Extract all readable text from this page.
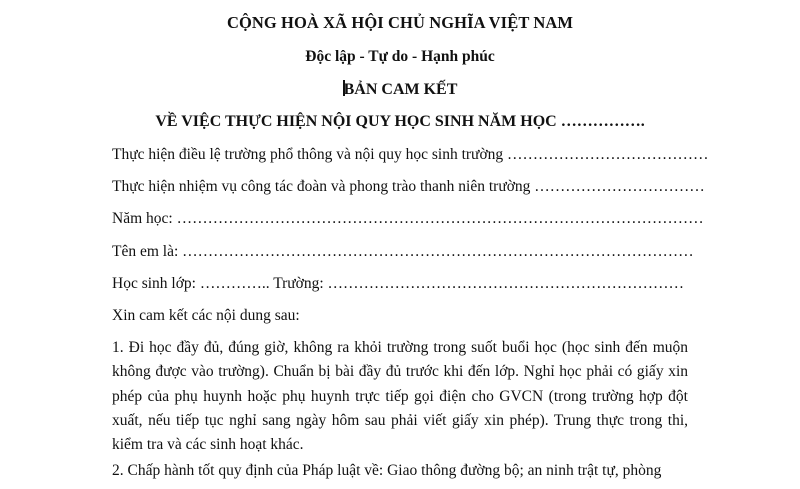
CỘNG HOÀ XÃ HỘI CHỦ NGHĨA VIỆT NAM
Độc lập - Tự do - Hạnh phúc
BẢN CAM KẾT
VỀ VIỆC THỰC HIỆN NỘI QUY HỌC SINH NĂM HỌC …………….
Thực hiện điều lệ trường phổ thông và nội quy học sinh trường …………………………………
Thực hiện nhiệm vụ công tác đoàn và phong trào thanh niên trường ……………………………
Năm học: …………………………………………………………………………………………
Tên em là: ………………………………………………………………………………………
Học sinh lớp: ………….. Trường: ……………………………………………………………
Xin cam kết các nội dung sau:
1. Đi học đầy đủ, đúng giờ, không ra khỏi trường trong suốt buổi học (học sinh đến muộn không được vào trường). Chuẩn bị bài đầy đủ trước khi đến lớp. Nghỉ học phải có giấy xin phép của phụ huynh hoặc phụ huynh trực tiếp gọi điện cho GVCN (trong trường hợp đột xuất, nếu tiếp tục nghỉ sang ngày hôm sau phải viết giấy xin phép). Trung thực trong thi, kiểm tra và các sinh hoạt khác.
2. Chấp hành tốt quy định của Pháp luật về: Giao thông đường bộ; an ninh trật tự, phòng
